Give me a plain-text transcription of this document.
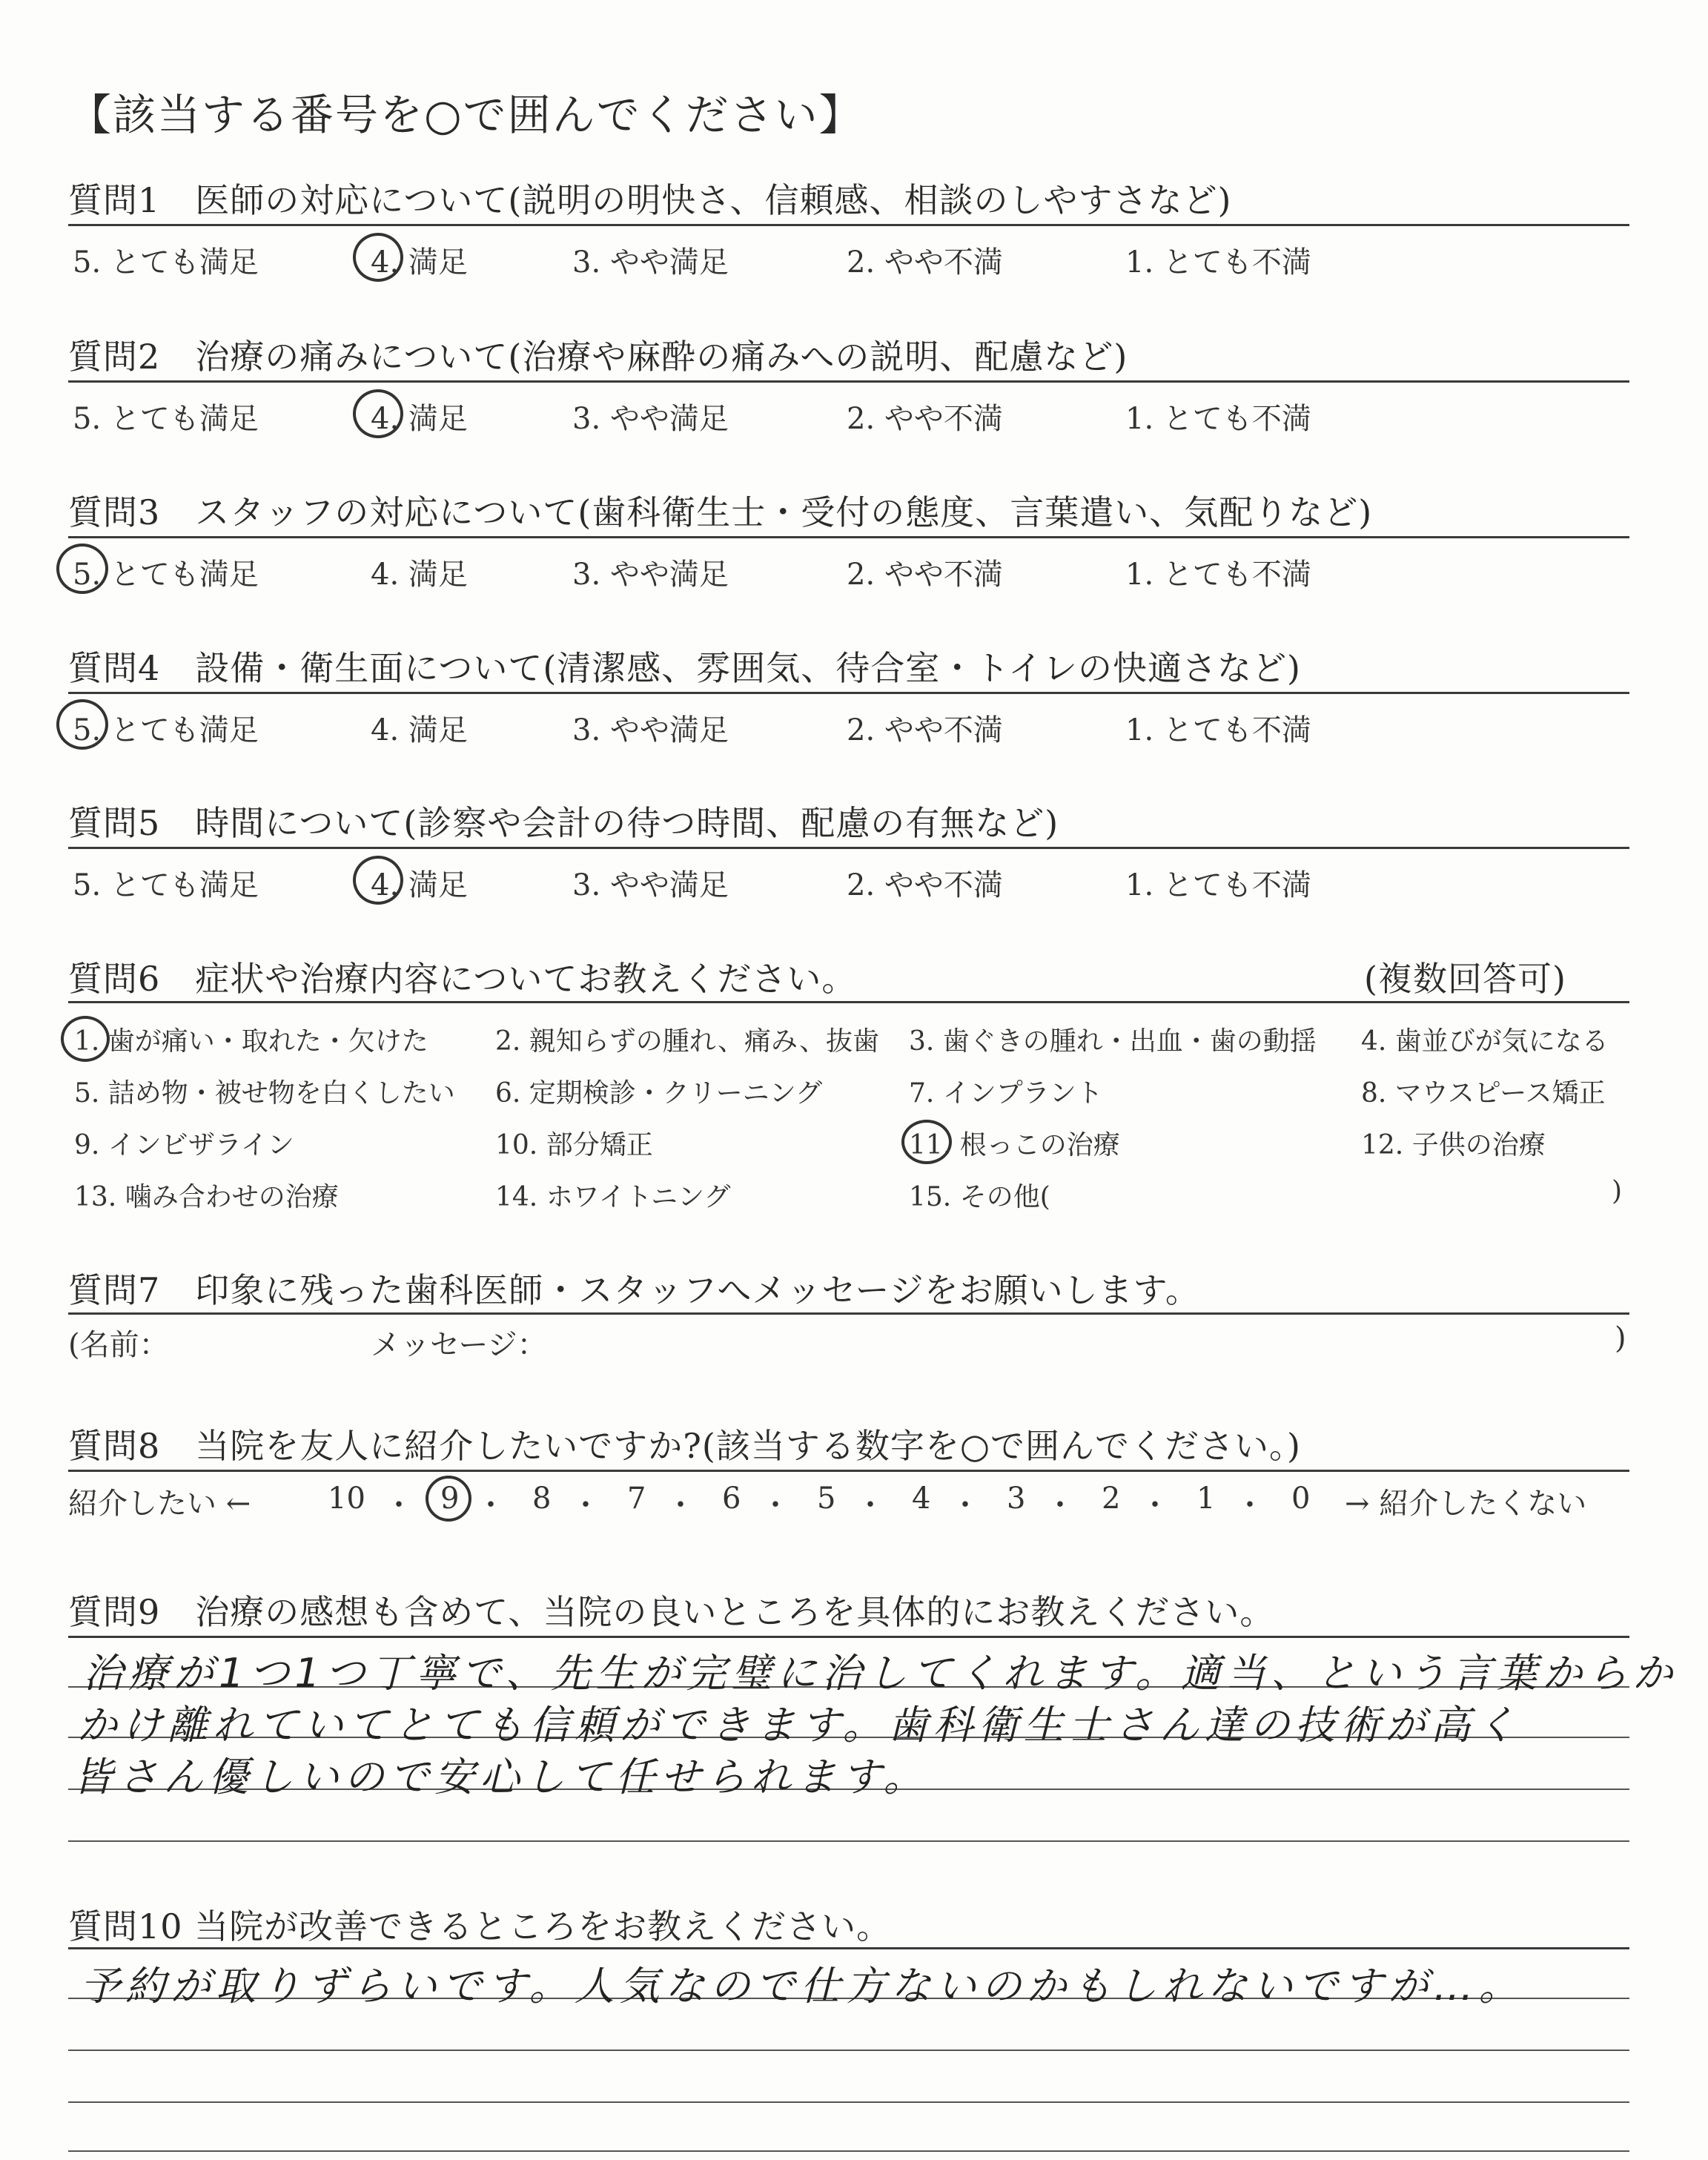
【該当する番号を○で囲んでください】
質問1　医師の対応について(説明の明快さ、信頼感、相談のしやすさなど)
5. とても満足	4. 満足	3. やや満足	2. やや不満	1. とても不満
質問2　治療の痛みについて(治療や麻酔の痛みへの説明、配慮など)
5. とても満足	4. 満足	3. やや満足	2. やや不満	1. とても不満
質問3　スタッフの対応について(歯科衛生士・受付の態度、言葉遣い、気配りなど)
5. とても満足	4. 満足	3. やや満足	2. やや不満	1. とても不満
質問4　設備・衛生面について(清潔感、雰囲気、待合室・トイレの快適さなど)
5. とても満足	4. 満足	3. やや満足	2. やや不満	1. とても不満
質問5　時間について(診察や会計の待つ時間、配慮の有無など)
5. とても満足	4. 満足	3. やや満足	2. やや不満	1. とても不満
質問6　症状や治療内容についてお教えください。	(複数回答可)
1. 歯が痛い・取れた・欠けた	2. 親知らずの腫れ、痛み、抜歯 3. 歯ぐきの腫れ・出血・歯の動揺 4. 歯並びが気になる
5. 詰め物・被せ物を白くしたい 6. 定期検診・クリーニング	7. インプラント	8. マウスピース矯正
9. インビザライン	10. 部分矯正	11. 根っこの治療	12. 子供の治療
13. 噛み合わせの治療	14. ホワイトニング	15. その他(	)
質問7　印象に残った歯科医師・スタッフへメッセージをお願いします。
(名前：	メッセージ：	)
質問8　当院を友人に紹介したいですか?(該当する数字を○で囲んでください。)
紹介したい ←	→ 紹介したくない
10 ・ 9 ・ 8 ・ 7 ・ 6 ・ 5 ・ 4 ・ 3 ・ 2 ・ 1 ・ 0
質問9　治療の感想も含めて、当院の良いところを具体的にお教えください。
治療が1つ1つ丁寧で、先生が完璧に治してくれます。適当、という言葉からか
かけ離れていてとても信頼ができます。歯科衛生士さん達の技術が高く
皆さん優しいので安心して任せられます。
質問10 当院が改善できるところをお教えください。
予約が取りずらいです。人気なので仕方ないのかもしれないですが…。
